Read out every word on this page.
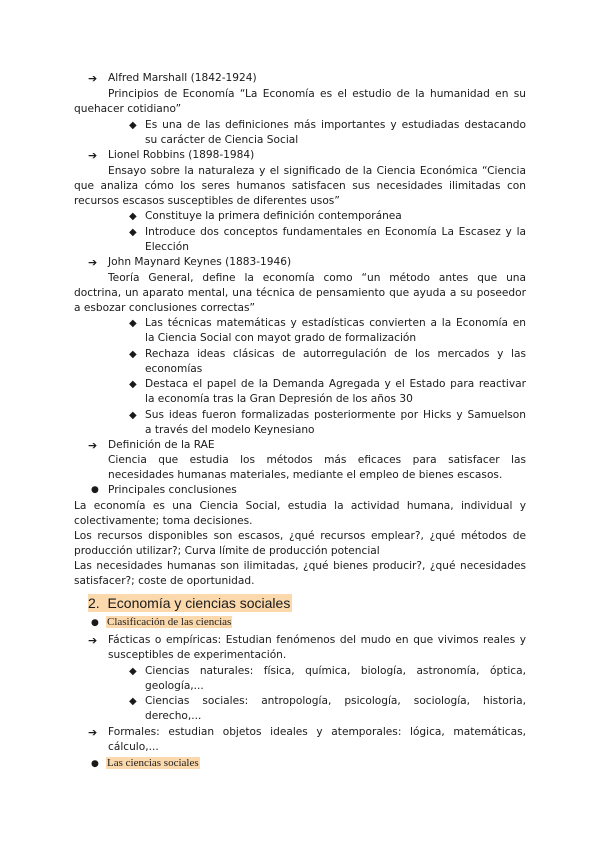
➔ Alfred Marshall (1842-1924)
Principios de Economía “La Economía es el estudio de la humanidad en su
quehacer cotidiano”
◆ Es una de las definiciones más importantes y estudiadas destacando
su carácter de Ciencia Social
➔ Lionel Robbins (1898-1984)
Ensayo sobre la naturaleza y el significado de la Ciencia Económica “Ciencia
que analiza cómo los seres humanos satisfacen sus necesidades ilimitadas con
recursos escasos susceptibles de diferentes usos”
◆ Constituye la primera definición contemporánea
◆ Introduce dos conceptos fundamentales en Economía La Escasez y la
Elección
➔ John Maynard Keynes (1883-1946)
Teoría General, define la economía como “un método antes que una
doctrina, un aparato mental, una técnica de pensamiento que ayuda a su poseedor
a esbozar conclusiones correctas”
◆ Las técnicas matemáticas y estadísticas convierten a la Economía en
la Ciencia Social con mayot grado de formalización
◆ Rechaza ideas clásicas de autorregulación de los mercados y las
economías
◆ Destaca el papel de la Demanda Agregada y el Estado para reactivar
la economía tras la Gran Depresión de los años 30
◆ Sus ideas fueron formalizadas posteriormente por Hicks y Samuelson
a través del modelo Keynesiano
➔ Definición de la RAE
Ciencia que estudia los métodos más eficaces para satisfacer las
necesidades humanas materiales, mediante el empleo de bienes escasos.
● Principales conclusiones
La economía es una Ciencia Social, estudia la actividad humana, individual y
colectivamente; toma decisiones.
Los recursos disponibles son escasos, ¿qué recursos emplear?, ¿qué métodos de
producción utilizar?; Curva límite de producción potencial
Las necesidades humanas son ilimitadas, ¿qué bienes producir?, ¿qué necesidades
satisfacer?; coste de oportunidad.
2. Economía y ciencias sociales
● Clasificación de las ciencias
➔ Fácticas o empíricas: Estudian fenómenos del mudo en que vivimos reales y
susceptibles de experimentación.
◆ Ciencias naturales: física, química, biología, astronomía, óptica,
geología,...
◆ Ciencias sociales: antropología, psicología, sociología, historia,
derecho,...
➔ Formales: estudian objetos ideales y atemporales: lógica, matemáticas,
cálculo,...
● Las ciencias sociales
